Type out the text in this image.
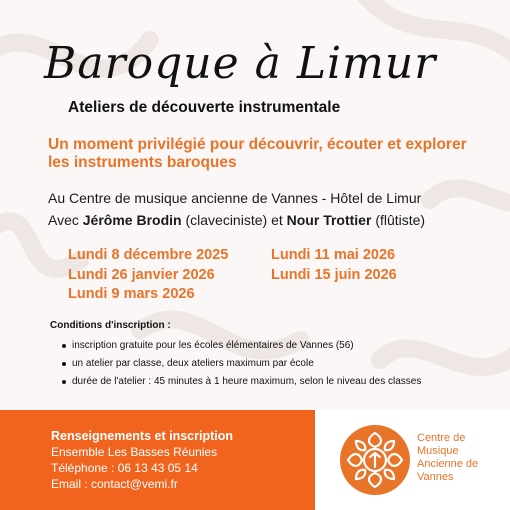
Baroque à Limur
Ateliers de découverte instrumentale
Un moment privilégié pour découvrir, écouter et explorer les instruments baroques
Au Centre de musique ancienne de Vannes - Hôtel de Limur
Avec Jérôme Brodin (claveciniste) et Nour Trottier (flûtiste)
Lundi 8 décembre 2025
Lundi 26 janvier 2026
Lundi 9 mars 2026
Lundi 11 mai 2026
Lundi 15 juin 2026
Conditions d'inscription :
inscription gratuite pour les écoles élémentaires de Vannes (56)
un atelier par classe, deux ateliers maximum par école
durée de l'atelier : 45 minutes à 1 heure maximum, selon le niveau des classes
Renseignements et inscription
Ensemble Les Basses Réunies
Téléphone : 06 13 43 05 14
Email : contact@vemi.fr
Centre de
Musique
Ancienne de
Vannes
